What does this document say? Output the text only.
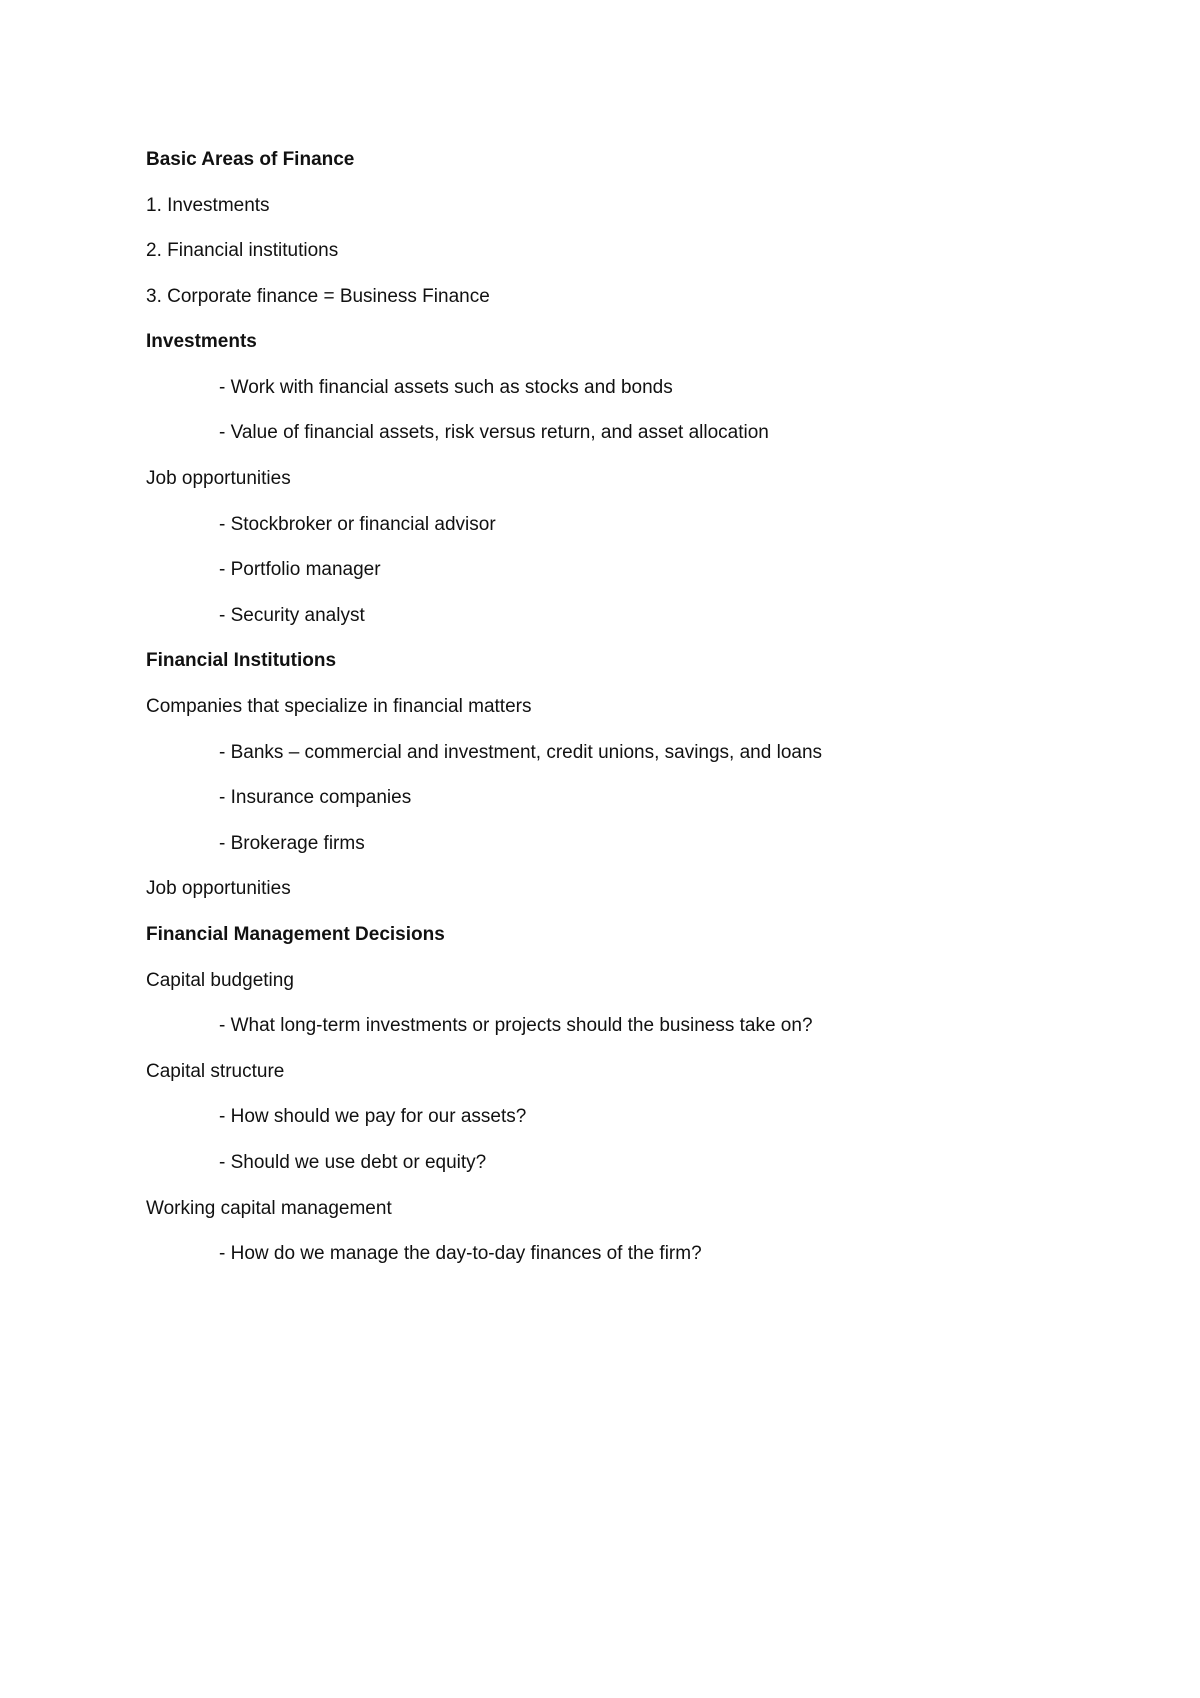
Basic Areas of Finance
1. Investments
2. Financial institutions
3. Corporate finance = Business Finance
Investments
- Work with financial assets such as stocks and bonds
- Value of financial assets, risk versus return, and asset allocation
Job opportunities
- Stockbroker or financial advisor
- Portfolio manager
- Security analyst
Financial Institutions
Companies that specialize in financial matters
- Banks – commercial and investment, credit unions, savings, and loans
- Insurance companies
- Brokerage firms
Job opportunities
Financial Management Decisions
Capital budgeting
- What long-term investments or projects should the business take on?
Capital structure
- How should we pay for our assets?
- Should we use debt or equity?
Working capital management
- How do we manage the day-to-day finances of the firm?
